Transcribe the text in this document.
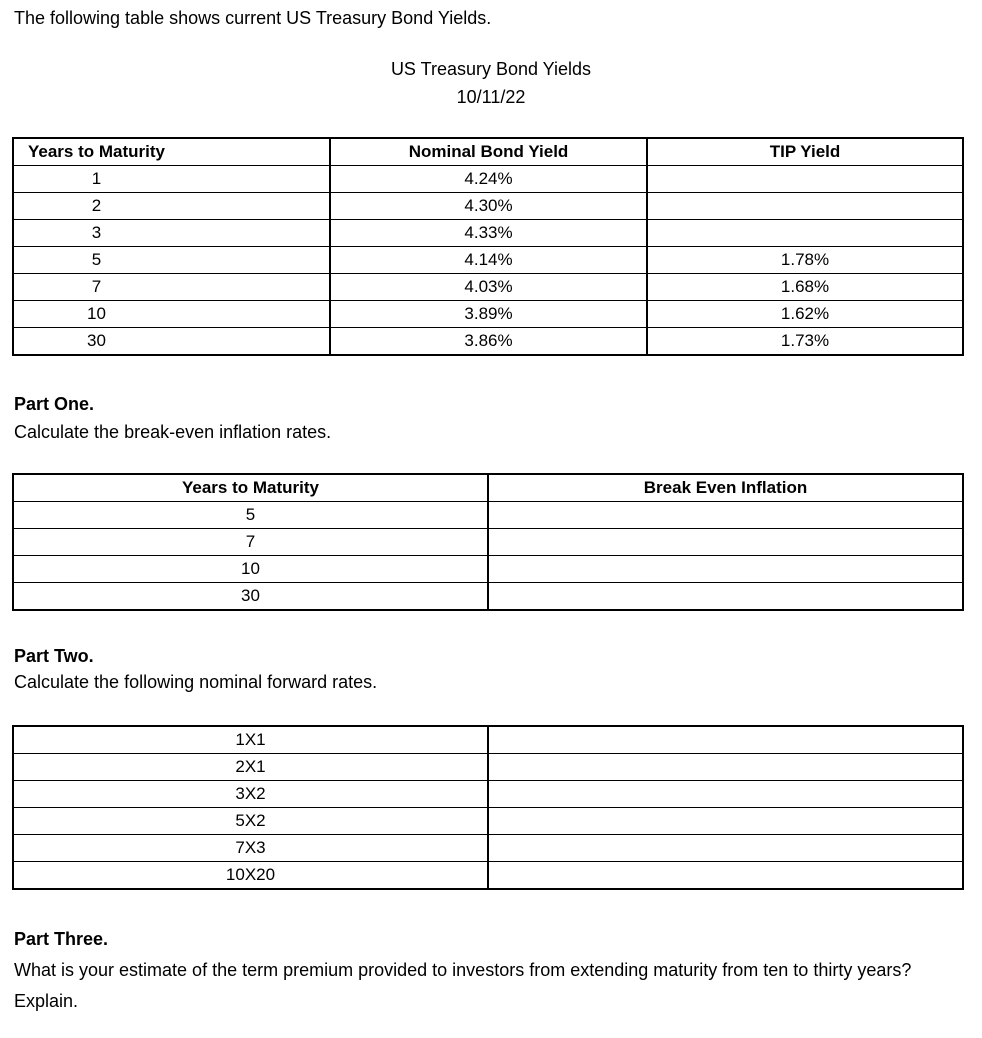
The following table shows current US Treasury Bond Yields.
US Treasury Bond Yields
10/11/22
Years to Maturity	Nominal Bond Yield	TIP Yield
1	4.24%	
2	4.30%	
3	4.33%	
5	4.14%	1.78%
7	4.03%	1.68%
10	3.89%	1.62%
30	3.86%	1.73%
Part One.
Calculate the break-even inflation rates.
Years to Maturity	Break Even Inflation
5	
7	
10	
30	
Part Two.
Calculate the following nominal forward rates.
1X1	
2X1	
3X2	
5X2	
7X3	
10X20	
Part Three.
What is your estimate of the term premium provided to investors from extending maturity from ten to thirty years? Explain.
